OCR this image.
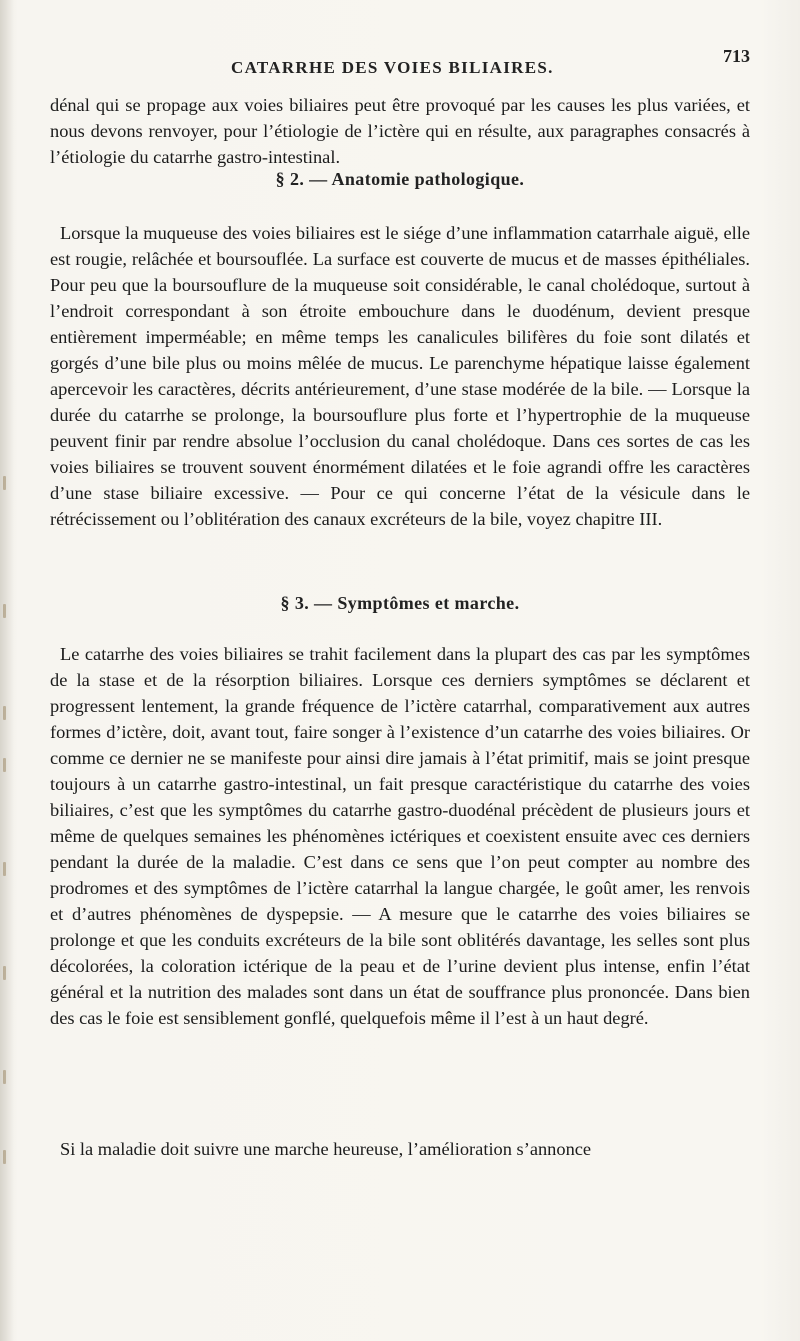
CATARRHE DES VOIES BILIAIRES.
713

dénal qui se propage aux voies biliaires peut être provoqué par les causes les plus variées, et nous devons renvoyer, pour l’étiologie de l’ictère qui en résulte, aux paragraphes consacrés à l’étiologie du catarrhe gastro-intestinal.

§ 2. — Anatomie pathologique.

Lorsque la muqueuse des voies biliaires est le siége d’une inflammation catarrhale aiguë, elle est rougie, relâchée et boursouflée. La surface est couverte de mucus et de masses épithéliales. Pour peu que la boursouflure de la muqueuse soit considérable, le canal cholédoque, surtout à l’endroit correspondant à son étroite embouchure dans le duodénum, devient presque entièrement imperméable; en même temps les canalicules bilifères du foie sont dilatés et gorgés d’une bile plus ou moins mêlée de mucus. Le parenchyme hépatique laisse également apercevoir les caractères, décrits antérieurement, d’une stase modérée de la bile. — Lorsque la durée du catarrhe se prolonge, la boursouflure plus forte et l’hypertrophie de la muqueuse peuvent finir par rendre absolue l’occlusion du canal cholédoque. Dans ces sortes de cas les voies biliaires se trouvent souvent énormément dilatées et le foie agrandi offre les caractères d’une stase biliaire excessive. — Pour ce qui concerne l’état de la vésicule dans le rétrécissement ou l’oblitération des canaux excréteurs de la bile, voyez chapitre III.

§ 3. — Symptômes et marche.

Le catarrhe des voies biliaires se trahit facilement dans la plupart des cas par les symptômes de la stase et de la résorption biliaires. Lorsque ces derniers symptômes se déclarent et progressent lentement, la grande fréquence de l’ictère catarrhal, comparativement aux autres formes d’ictère, doit, avant tout, faire songer à l’existence d’un catarrhe des voies biliaires. Or comme ce dernier ne se manifeste pour ainsi dire jamais à l’état primitif, mais se joint presque toujours à un catarrhe gastro-intestinal, un fait presque caractéristique du catarrhe des voies biliaires, c’est que les symptômes du catarrhe gastro-duodénal précèdent de plusieurs jours et même de quelques semaines les phénomènes ictériques et coexistent ensuite avec ces derniers pendant la durée de la maladie. C’est dans ce sens que l’on peut compter au nombre des prodromes et des symptômes de l’ictère catarrhal la langue chargée, le goût amer, les renvois et d’autres phénomènes de dyspepsie. — A mesure que le catarrhe des voies biliaires se prolonge et que les conduits excréteurs de la bile sont oblitérés davantage, les selles sont plus décolorées, la coloration ictérique de la peau et de l’urine devient plus intense, enfin l’état général et la nutrition des malades sont dans un état de souffrance plus prononcée. Dans bien des cas le foie est sensiblement gonflé, quelquefois même il l’est à un haut degré.

Si la maladie doit suivre une marche heureuse, l’amélioration s’annonce
